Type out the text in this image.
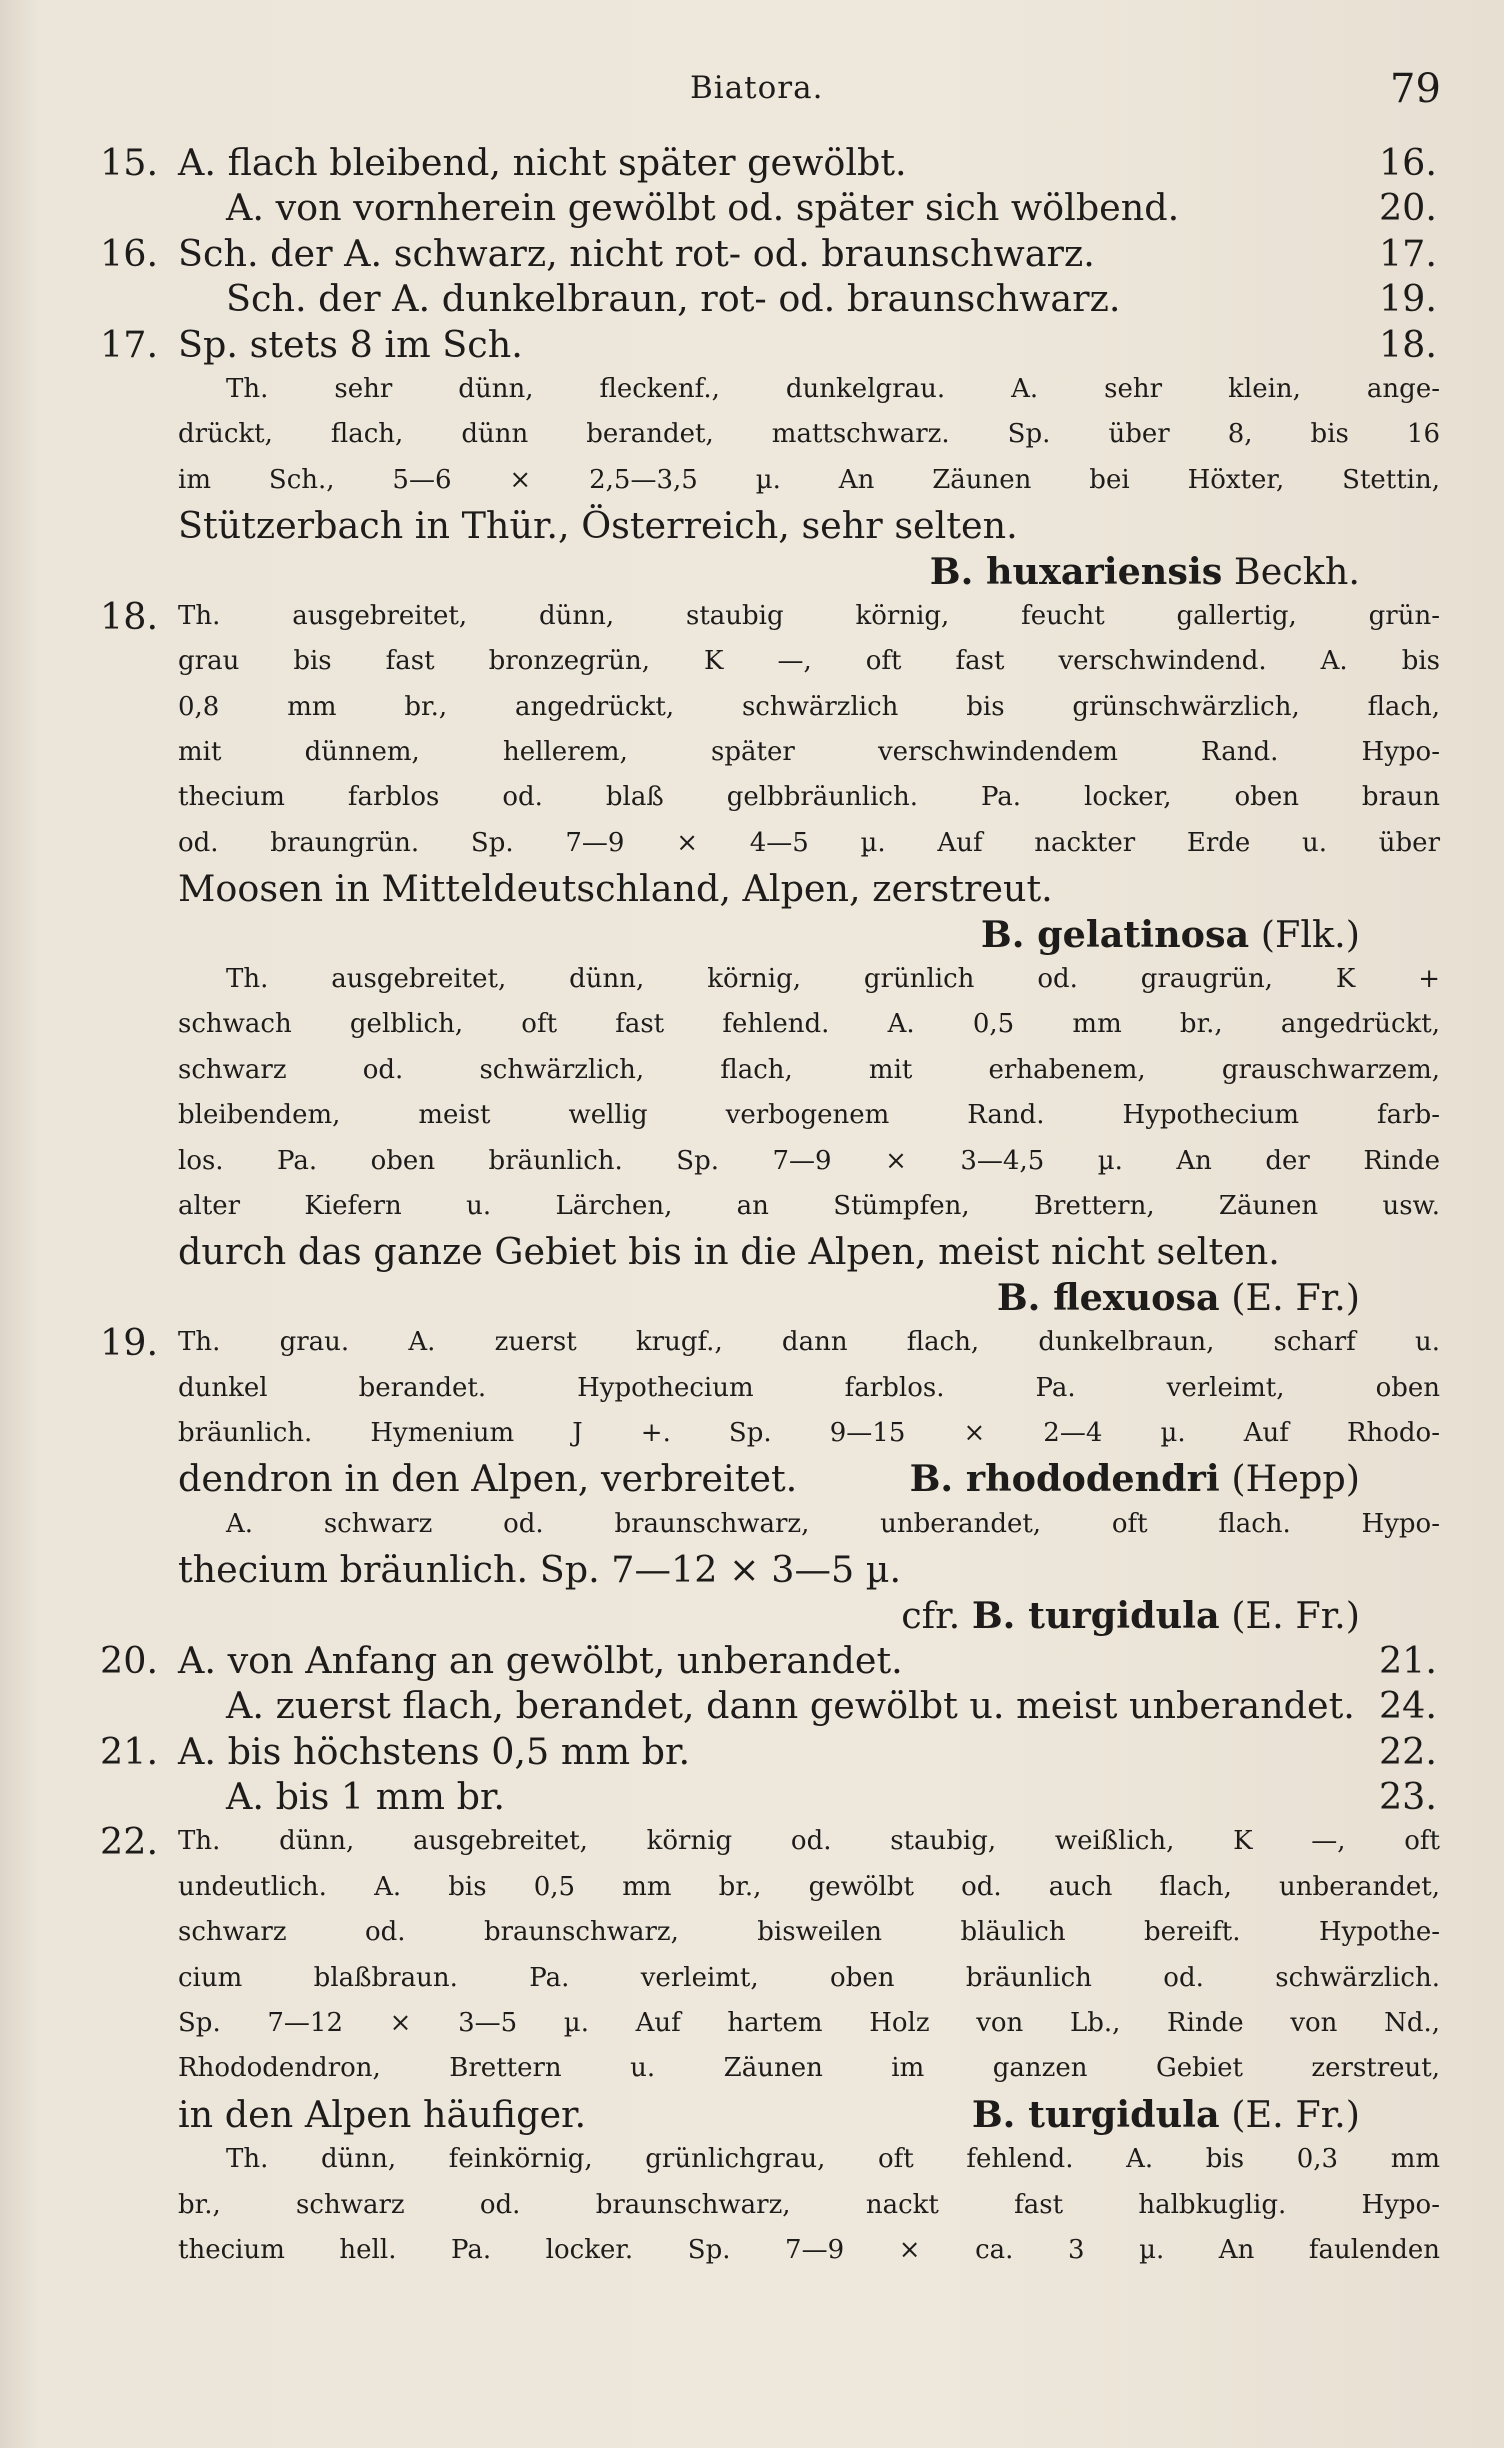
Biatora.	79
15. A. flach bleibend, nicht später gewölbt.	16.
A. von vornherein gewölbt od. später sich wölbend.	20.
16. Sch. der A. schwarz, nicht rot- od. braunschwarz.	17.
Sch. der A. dunkelbraun, rot- od. braunschwarz.	19.
17. Sp. stets 8 im Sch.	18.
Th. sehr dünn, fleckenf., dunkelgrau. A. sehr klein, ange-
drückt, flach, dünn berandet, mattschwarz. Sp. über 8, bis 16
im Sch., 5—6 × 2,5—3,5 µ. An Zäunen bei Höxter, Stettin,
Stützerbach in Thür., Österreich, sehr selten.
B. huxariensis Beckh.
18. Th. ausgebreitet, dünn, staubig körnig, feucht gallertig, grün-
grau bis fast bronzegrün, K —, oft fast verschwindend. A. bis
0,8 mm br., angedrückt, schwärzlich bis grünschwärzlich, flach,
mit dünnem, hellerem, später verschwindendem Rand. Hypo-
thecium farblos od. blaß gelbbräunlich. Pa. locker, oben braun
od. braungrün. Sp. 7—9 × 4—5 µ. Auf nackter Erde u. über
Moosen in Mitteldeutschland, Alpen, zerstreut.
B. gelatinosa (Flk.)
Th. ausgebreitet, dünn, körnig, grünlich od. graugrün, K +
schwach gelblich, oft fast fehlend. A. 0,5 mm br., angedrückt,
schwarz od. schwärzlich, flach, mit erhabenem, grauschwarzem,
bleibendem, meist wellig verbogenem Rand. Hypothecium farb-
los. Pa. oben bräunlich. Sp. 7—9 × 3—4,5 µ. An der Rinde
alter Kiefern u. Lärchen, an Stümpfen, Brettern, Zäunen usw.
durch das ganze Gebiet bis in die Alpen, meist nicht selten.
B. flexuosa (E. Fr.)
19. Th. grau. A. zuerst krugf., dann flach, dunkelbraun, scharf u.
dunkel berandet. Hypothecium farblos. Pa. verleimt, oben
bräunlich. Hymenium J +. Sp. 9—15 × 2—4 µ. Auf Rhodo-
dendron in den Alpen, verbreitet.	B. rhododendri (Hepp)
A. schwarz od. braunschwarz, unberandet, oft flach. Hypo-
thecium bräunlich. Sp. 7—12 × 3—5 µ.
cfr. B. turgidula (E. Fr.)
20. A. von Anfang an gewölbt, unberandet.	21.
A. zuerst flach, berandet, dann gewölbt u. meist unberandet. 24.
21. A. bis höchstens 0,5 mm br.	22.
A. bis 1 mm br.	23.
22. Th. dünn, ausgebreitet, körnig od. staubig, weißlich, K —, oft
undeutlich. A. bis 0,5 mm br., gewölbt od. auch flach, unberandet,
schwarz od. braunschwarz, bisweilen bläulich bereift. Hypothe-
cium blaßbraun. Pa. verleimt, oben bräunlich od. schwärzlich.
Sp. 7—12 × 3—5 µ. Auf hartem Holz von Lb., Rinde von Nd.,
Rhododendron, Brettern u. Zäunen im ganzen Gebiet zerstreut,
in den Alpen häufiger.	B. turgidula (E. Fr.)
Th. dünn, feinkörnig, grünlichgrau, oft fehlend. A. bis 0,3 mm
br., schwarz od. braunschwarz, nackt fast halbkuglig. Hypo-
thecium hell. Pa. locker. Sp. 7—9 × ca. 3 µ. An faulenden
